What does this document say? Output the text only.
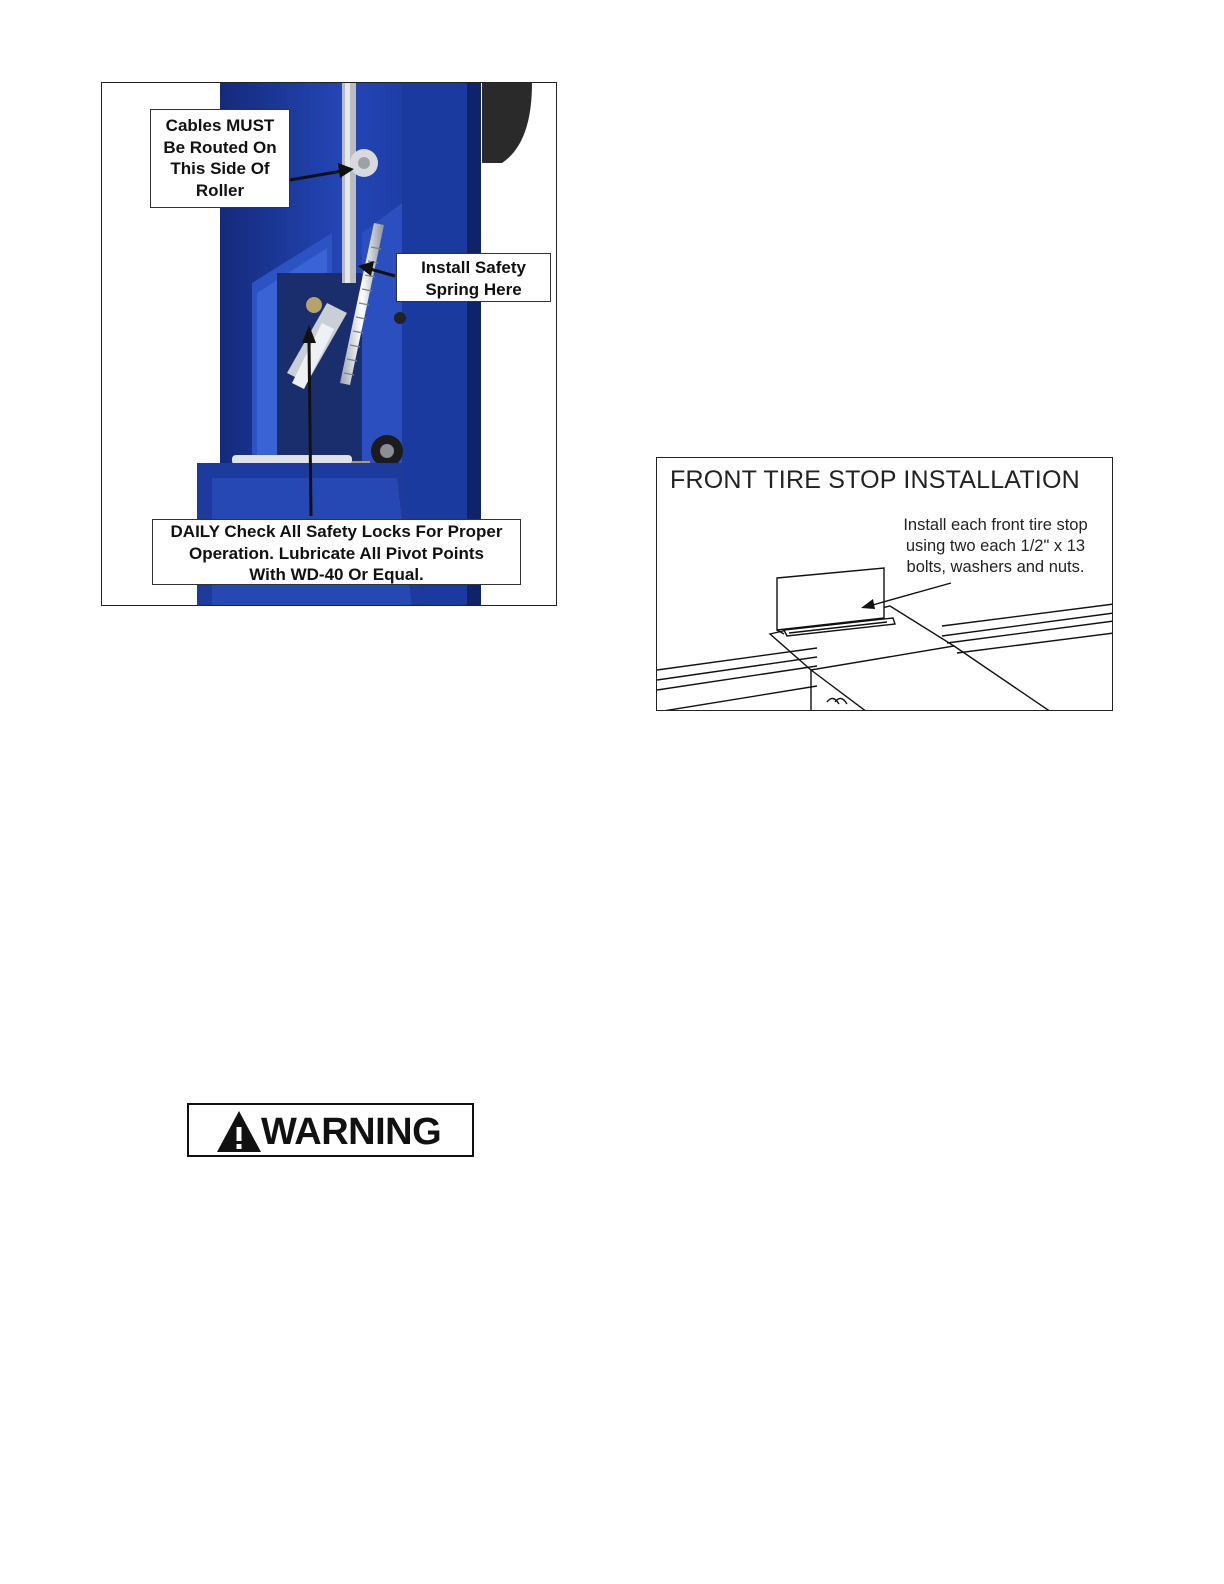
Cables MUST
Be Routed On
This Side Of
Roller
Install Safety
Spring Here
DAILY Check All Safety Locks For Proper
Operation. Lubricate All Pivot Points
With WD-40 Or Equal.
FRONT TIRE STOP INSTALLATION
Install each front tire stop
using two each 1/2" x 13
bolts, washers and nuts.
WARNING
